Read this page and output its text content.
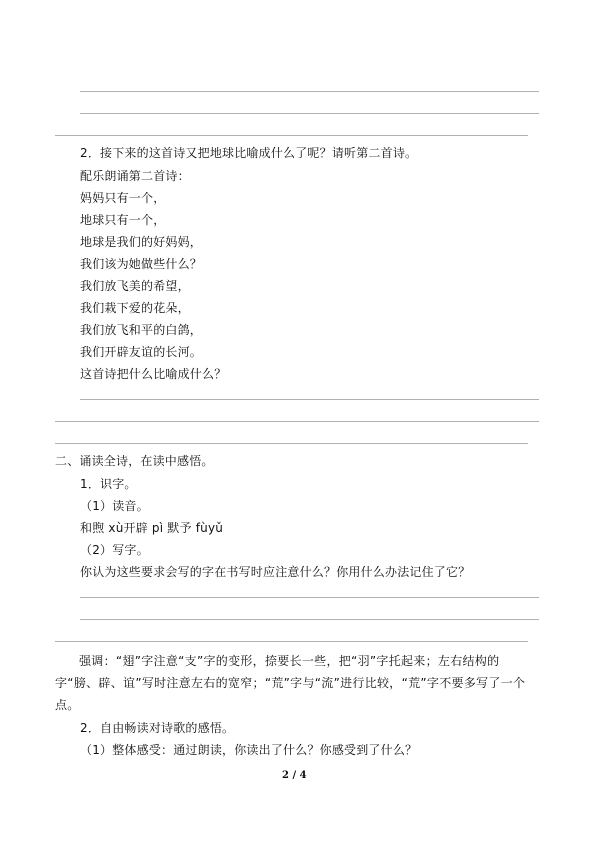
2．接下来的这首诗又把地球比喻成什么了呢？请听第二首诗。
配乐朗诵第二首诗：
妈妈只有一个，
地球只有一个，
地球是我们的好妈妈，
我们该为她做些什么？
我们放飞美的希望，
我们栽下爱的花朵，
我们放飞和平的白鸽，
我们开辟友谊的长河。
这首诗把什么比喻成什么？
二、诵读全诗，在读中感悟。
1．识字。
（1）读音。
和煦 xù开辟 pì 默予 fùyǔ
（2）写字。
你认为这些要求会写的字在书写时应注意什么？你用什么办法记住了它？
强调：“翅”字注意“支”字的变形，捺要长一些，把“羽”字托起来；左右结构的字“膀、辟、谊”写时注意左右的宽窄；“荒”字与“流”进行比较，“荒”字不要多写了一个点。
2．自由畅读对诗歌的感悟。
（1）整体感受：通过朗读，你读出了什么？你感受到了什么？
2 / 4
